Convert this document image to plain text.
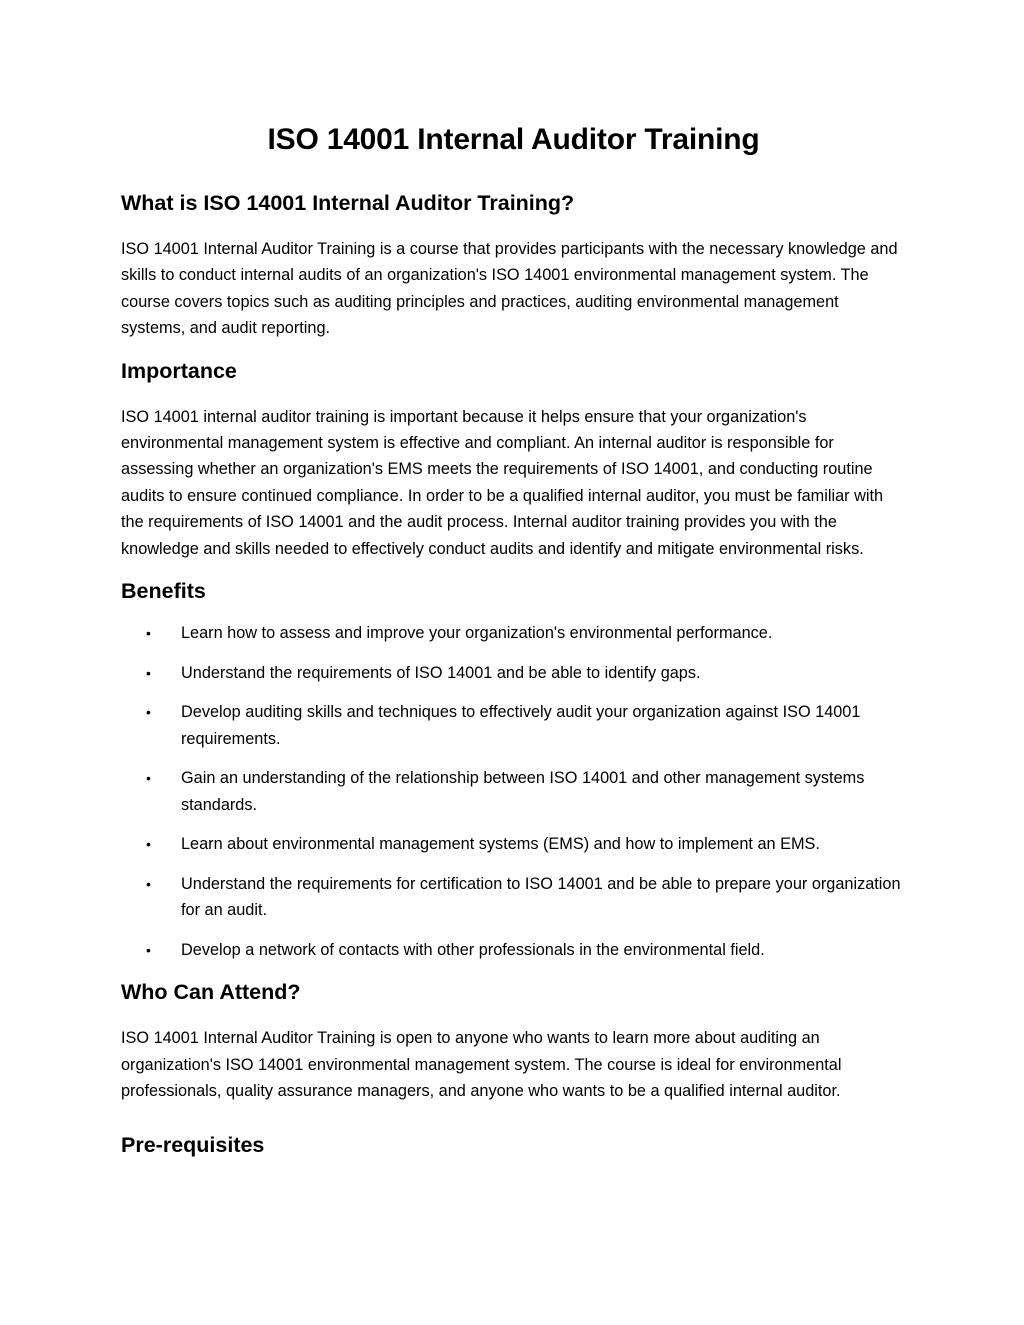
ISO 14001 Internal Auditor Training
What is ISO 14001 Internal Auditor Training?

ISO 14001 Internal Auditor Training is a course that provides participants with the necessary knowledge and skills to conduct internal audits of an organization's ISO 14001 environmental management system. The course covers topics such as auditing principles and practices, auditing environmental management systems, and audit reporting.

Importance

ISO 14001 internal auditor training is important because it helps ensure that your organization's environmental management system is effective and compliant. An internal auditor is responsible for assessing whether an organization's EMS meets the requirements of ISO 14001, and conducting routine audits to ensure continued compliance. In order to be a qualified internal auditor, you must be familiar with the requirements of ISO 14001 and the audit process. Internal auditor training provides you with the knowledge and skills needed to effectively conduct audits and identify and mitigate environmental risks.

Benefits
• Learn how to assess and improve your organization's environmental performance.
• Understand the requirements of ISO 14001 and be able to identify gaps.
• Develop auditing skills and techniques to effectively audit your organization against ISO 14001 requirements.
• Gain an understanding of the relationship between ISO 14001 and other management systems standards.
• Learn about environmental management systems (EMS) and how to implement an EMS.
• Understand the requirements for certification to ISO 14001 and be able to prepare your organization for an audit.
• Develop a network of contacts with other professionals in the environmental field.
Who Can Attend?

ISO 14001 Internal Auditor Training is open to anyone who wants to learn more about auditing an organization's ISO 14001 environmental management system. The course is ideal for environmental professionals, quality assurance managers, and anyone who wants to be a qualified internal auditor.

Pre-requisites
